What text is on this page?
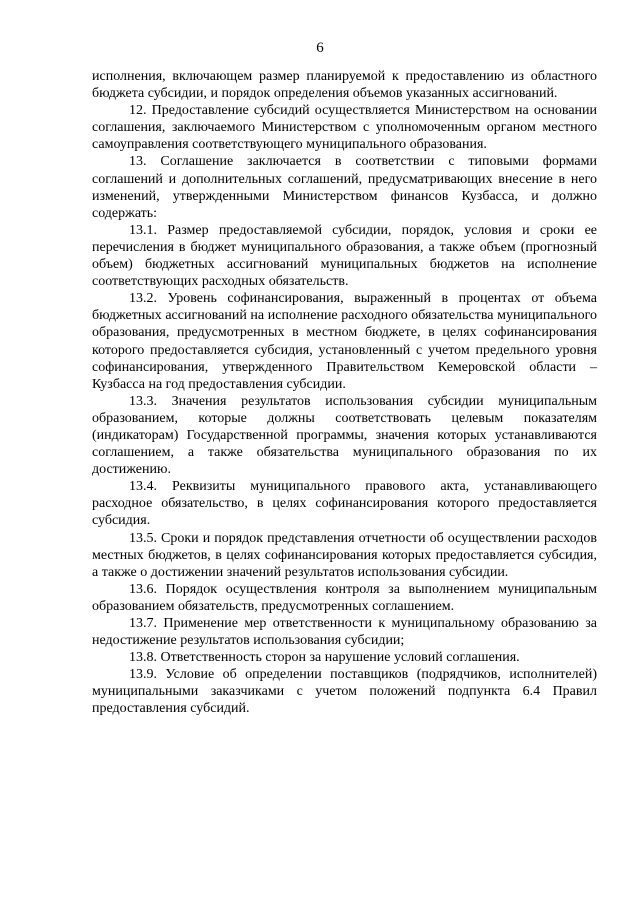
6

исполнения, включающем размер планируемой к предоставлению из областного бюджета субсидии, и порядок определения объемов указанных ассигнований.

12. Предоставление субсидий осуществляется Министерством на основании соглашения, заключаемого Министерством с уполномоченным органом местного самоуправления соответствующего муниципального образования.

13. Соглашение заключается в соответствии с типовыми формами соглашений и дополнительных соглашений, предусматривающих внесение в него изменений, утвержденными Министерством финансов Кузбасса, и должно содержать:

13.1. Размер предоставляемой субсидии, порядок, условия и сроки ее перечисления в бюджет муниципального образования, а также объем (прогнозный объем) бюджетных ассигнований муниципальных бюджетов на исполнение соответствующих расходных обязательств.

13.2. Уровень софинансирования, выраженный в процентах от объема бюджетных ассигнований на исполнение расходного обязательства муниципального образования, предусмотренных в местном бюджете, в целях софинансирования которого предоставляется субсидия, установленный с учетом предельного уровня софинансирования, утвержденного Правительством Кемеровской области – Кузбасса на год предоставления субсидии.

13.3. Значения результатов использования субсидии муниципальным образованием, которые должны соответствовать целевым показателям (индикаторам) Государственной программы, значения которых устанавливаются соглашением, а также обязательства муниципального образования по их достижению.

13.4. Реквизиты муниципального правового акта, устанавливающего расходное обязательство, в целях софинансирования которого предоставляется субсидия.

13.5. Сроки и порядок представления отчетности об осуществлении расходов местных бюджетов, в целях софинансирования которых предоставляется субсидия, а также о достижении значений результатов использования субсидии.

13.6. Порядок осуществления контроля за выполнением муниципальным образованием обязательств, предусмотренных соглашением.

13.7. Применение мер ответственности к муниципальному образованию за недостижение результатов использования субсидии;

13.8. Ответственность сторон за нарушение условий соглашения.

13.9. Условие об определении поставщиков (подрядчиков, исполнителей) муниципальными заказчиками с учетом положений подпункта 6.4 Правил предоставления субсидий.
